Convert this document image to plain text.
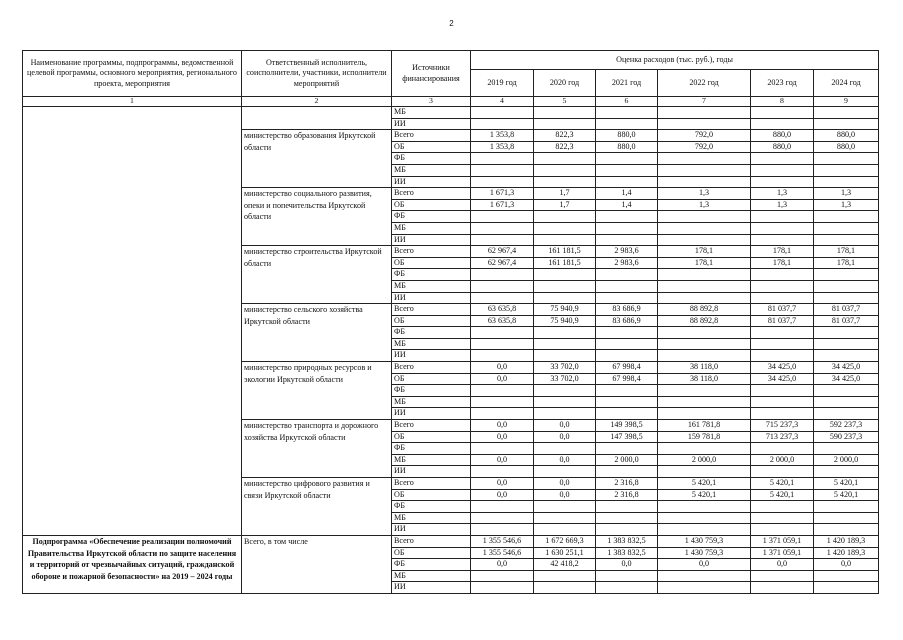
2
Наименование программы, подпрограммы, ведомственной целевой программы, основного мероприятия, регионального проекта, мероприятия	Ответственный исполнитель, соисполнители, участники, исполнители мероприятий	Источники финансирования	Оценка расходов (тыс. руб.), годы					
			2019 год	2020 год	2021 год	2022 год	2023 год	2024 год
1	2	3	4	5	6	7	8	9
		МБ						
		ИИ						
	министерство образования Иркутской области	Всего	1 353,8	822,3	880,0	792,0	880,0	880,0
		ОБ	1 353,8	822,3	880,0	792,0	880,0	880,0
		ФБ						
		МБ						
		ИИ						
	министерство социального развития, опеки и попечительства Иркутской области	Всего	1 671,3	1,7	1,4	1,3	1,3	1,3
		ОБ	1 671,3	1,7	1,4	1,3	1,3	1,3
		ФБ						
		МБ						
		ИИ						
	министерство строительства Иркутской области	Всего	62 967,4	161 181,5	2 983,6	178,1	178,1	178,1
		ОБ	62 967,4	161 181,5	2 983,6	178,1	178,1	178,1
		ФБ						
		МБ						
		ИИ						
	министерство сельского хозяйства Иркутской области	Всего	63 635,8	75 940,9	83 686,9	88 892,8	81 037,7	81 037,7
		ОБ	63 635,8	75 940,9	83 686,9	88 892,8	81 037,7	81 037,7
		ФБ						
		МБ						
		ИИ						
	министерство природных ресурсов и экологии Иркутской области	Всего	0,0	33 702,0	67 998,4	38 118,0	34 425,0	34 425,0
		ОБ	0,0	33 702,0	67 998,4	38 118,0	34 425,0	34 425,0
		ФБ						
		МБ						
		ИИ						
	министерство транспорта и дорожного хозяйства Иркутской области	Всего	0,0	0,0	149 398,5	161 781,8	715 237,3	592 237,3
		ОБ	0,0	0,0	147 398,5	159 781,8	713 237,3	590 237,3
		ФБ						
		МБ	0,0	0,0	2 000,0	2 000,0	2 000,0	2 000,0
		ИИ						
	министерство цифрового развития и связи Иркутской области	Всего	0,0	0,0	2 316,8	5 420,1	5 420,1	5 420,1
		ОБ	0,0	0,0	2 316,8	5 420,1	5 420,1	5 420,1
		ФБ						
		МБ						
		ИИ						
Подпрограмма «Обеспечение реализации полномочий Правительства Иркутской области по защите населения и территорий от чрезвычайных ситуаций, гражданской обороне и пожарной безопасности» на 2019 – 2024 годы	Всего, в том числе	Всего	1 355 546,6	1 672 669,3	1 383 832,5	1 430 759,3	1 371 059,1	1 420 189,3
		ОБ	1 355 546,6	1 630 251,1	1 383 832,5	1 430 759,3	1 371 059,1	1 420 189,3
		ФБ	0,0	42 418,2	0,0	0,0	0,0	0,0
		МБ						
		ИИ						
